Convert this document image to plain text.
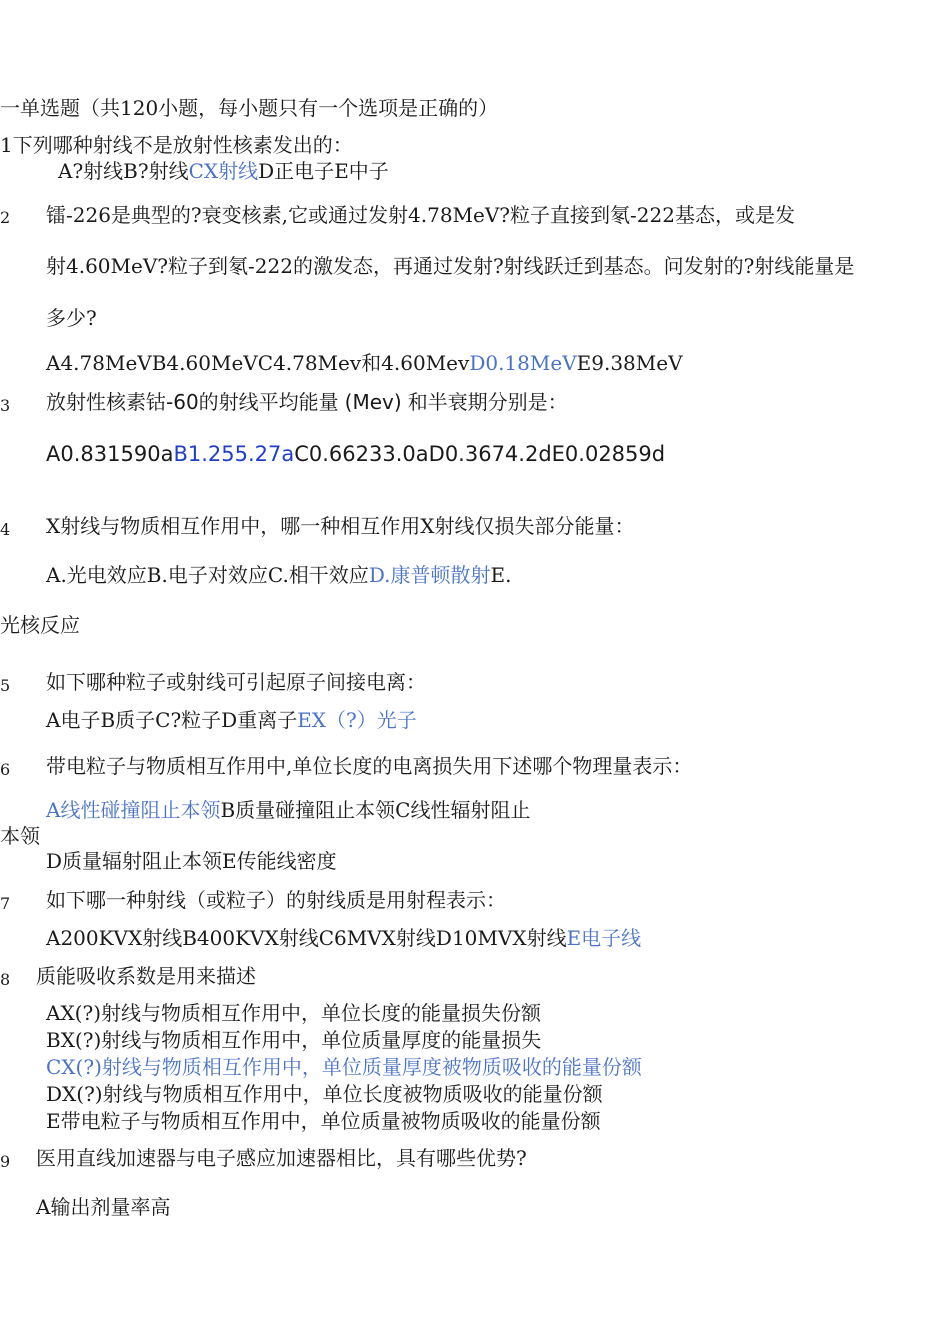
一单选题（共120小题，每小题只有一个选项是正确的）
1下列哪种射线不是放射性核素发出的：
A?射线B?射线CX射线D正电子E中子
2 镭-226是典型的?衰变核素,它或通过发射4.78MeV?粒子直接到氡-222基态，或是发
射4.60MeV?粒子到氡-222的激发态，再通过发射?射线跃迁到基态。问发射的?射线能量是
多少?
A4.78MeVB4.60MeVC4.78Mev和4.60MevD0.18MeVE9.38MeV
3 放射性核素钴-60的射线平均能量 (Mev) 和半衰期分别是：
A0.831590aB1.255.27aC0.66233.0aD0.3674.2dE0.02859d
4 X射线与物质相互作用中，哪一种相互作用X射线仅损失部分能量：
A.光电效应B.电子对效应C.相干效应D.康普顿散射E.
光核反应
5 如下哪种粒子或射线可引起原子间接电离：
A电子B质子C?粒子D重离子EX（?）光子
6 带电粒子与物质相互作用中,单位长度的电离损失用下述哪个物理量表示：
A线性碰撞阻止本领B质量碰撞阻止本领C线性辐射阻止
本领
D质量辐射阻止本领E传能线密度
7 如下哪一种射线（或粒子）的射线质是用射程表示：
A200KVX射线B400KVX射线C6MVX射线D10MVX射线E电子线
8 质能吸收系数是用来描述
AX(?)射线与物质相互作用中，单位长度的能量损失份额
BX(?)射线与物质相互作用中，单位质量厚度的能量损失
CX(?)射线与物质相互作用中，单位质量厚度被物质吸收的能量份额
DX(?)射线与物质相互作用中，单位长度被物质吸收的能量份额
E带电粒子与物质相互作用中，单位质量被物质吸收的能量份额
9 医用直线加速器与电子感应加速器相比，具有哪些优势?
A输出剂量率高
